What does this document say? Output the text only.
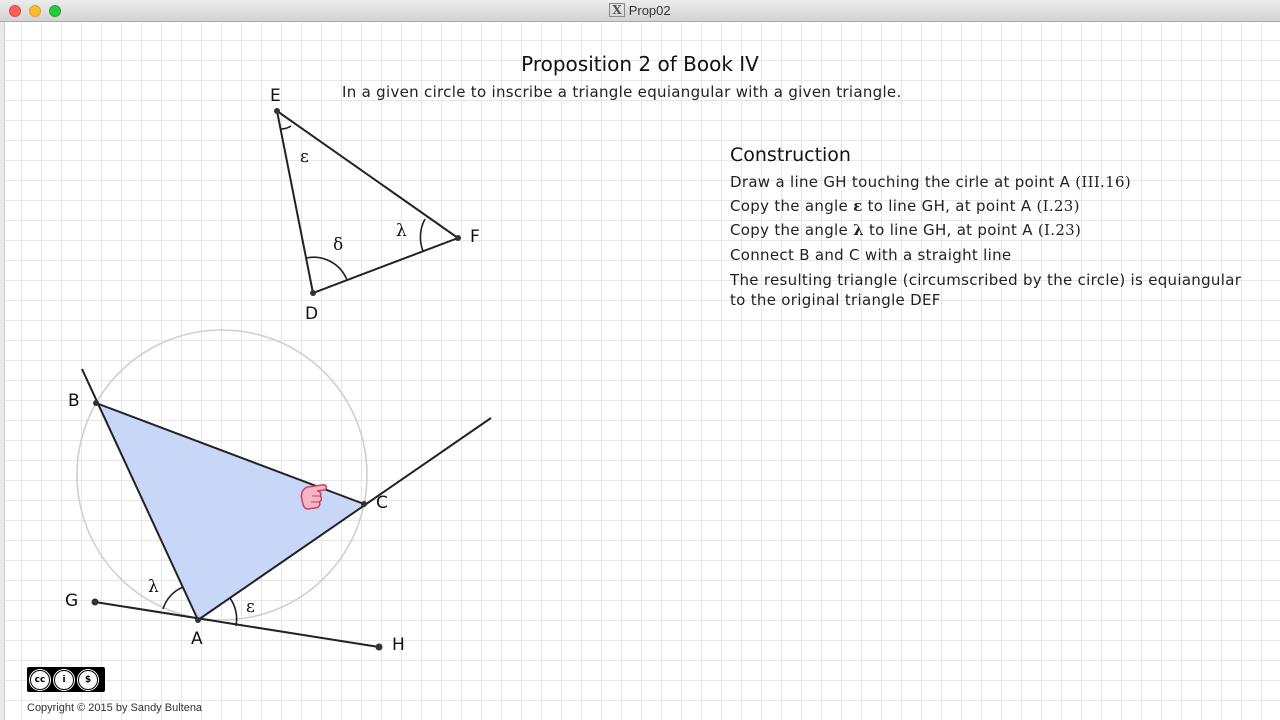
X Prop02
Proposition 2 of Book IV
In a given circle to inscribe a triangle equiangular with a given triangle.
Construction
Draw a line GH touching the cirle at point A (III.16)
Copy the angle ε to line GH, at point A (I.23)
Copy the angle λ to line GH, at point A (I.23)
Connect B and C with a straight line
The resulting triangle (circumscribed by the circle) is equiangular
to the original triangle DEF
E
F
D
ε
δ
λ
B
C
G
A	H
λ
ε
cc	i	$
Copyright © 2015 by Sandy Bultena
